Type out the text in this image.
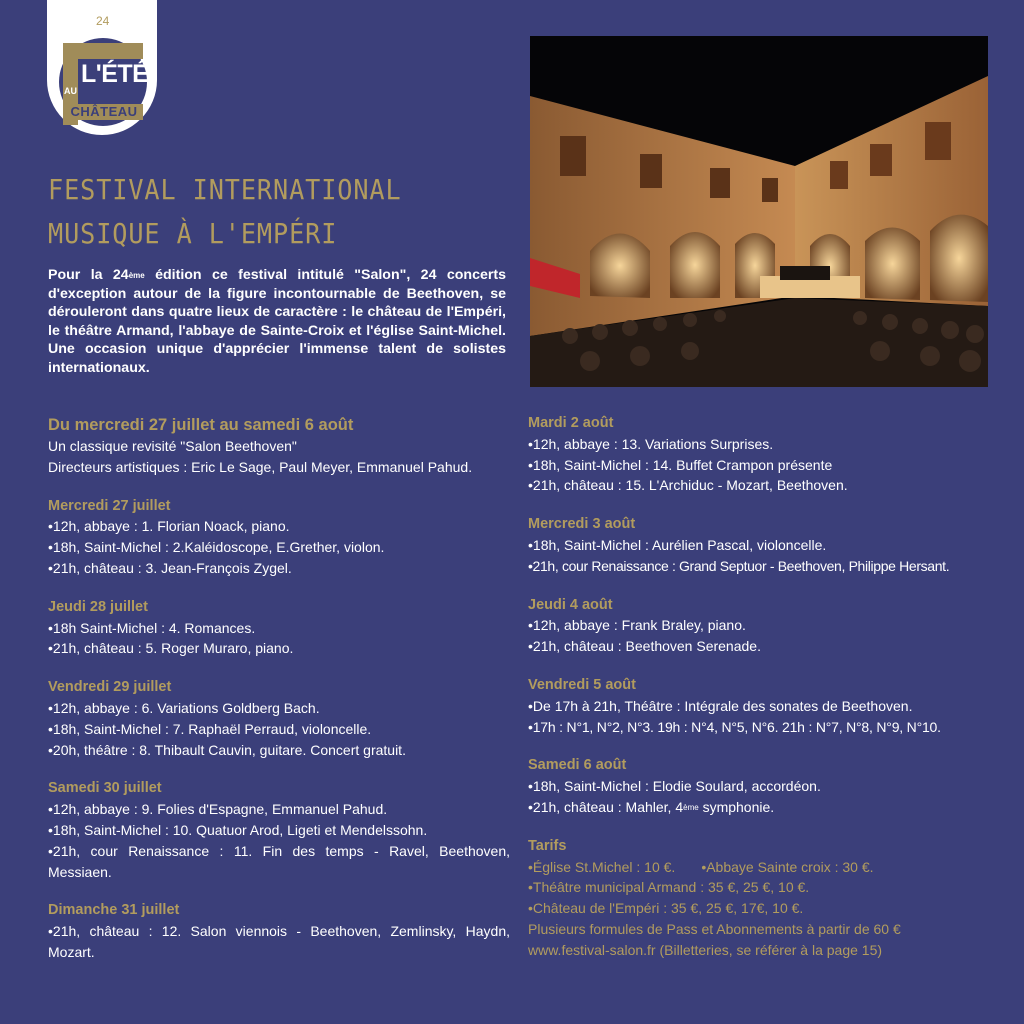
24
L'ÉTÉ
AU
CHÂTEAU
FESTIVAL INTERNATIONAL
MUSIQUE À L'EMPÉRI
Pour la 24ème édition ce festival intitulé "Salon", 24 concerts d'exception autour de la figure incontournable de Beethoven, se dérouleront dans quatre lieux de caractère : le château de l'Empéri, le théâtre Armand, l'abbaye de Sainte-Croix et l'église Saint-Michel. Une occasion unique d'apprécier l'immense talent de solistes internationaux.
Du mercredi 27 juillet au samedi 6 août
Un classique revisité "Salon Beethoven"
Directeurs artistiques : Eric Le Sage, Paul Meyer, Emmanuel Pahud.
Mercredi 27 juillet
•12h, abbaye : 1. Florian Noack, piano.
•18h, Saint-Michel : 2.Kaléidoscope, E.Grether, violon.
•21h, château : 3. Jean-François Zygel.
Jeudi 28 juillet
•18h Saint-Michel : 4. Romances.
•21h, château : 5. Roger Muraro, piano.
Vendredi 29 juillet
•12h, abbaye : 6. Variations Goldberg Bach.
•18h, Saint-Michel : 7. Raphaël Perraud, violoncelle.
•20h, théâtre : 8. Thibault Cauvin, guitare. Concert gratuit.
Samedi 30 juillet
•12h, abbaye : 9. Folies d'Espagne, Emmanuel Pahud.
•18h, Saint-Michel : 10. Quatuor Arod, Ligeti et Mendelssohn.
•21h, cour Renaissance : 11. Fin des temps - Ravel, Beethoven, Messiaen.
Dimanche 31 juillet
•21h, château : 12. Salon viennois - Beethoven, Zemlinsky, Haydn, Mozart.
Mardi 2 août
•12h, abbaye : 13. Variations Surprises.
•18h, Saint-Michel : 14. Buffet Crampon présente
•21h, château : 15. L'Archiduc - Mozart, Beethoven.
Mercredi 3 août
•18h, Saint-Michel : Aurélien Pascal, violoncelle.
•21h, cour Renaissance : Grand Septuor - Beethoven, Philippe Hersant.
Jeudi 4 août
•12h, abbaye : Frank Braley, piano.
•21h, château : Beethoven Serenade.
Vendredi 5 août
•De 17h à 21h, Théâtre : Intégrale des sonates de Beethoven.
•17h : N°1, N°2, N°3. 19h : N°4, N°5, N°6. 21h : N°7, N°8, N°9, N°10.
Samedi 6 août
•18h, Saint-Michel : Elodie Soulard, accordéon.
•21h, château : Mahler, 4ème symphonie.
Tarifs
•Église St.Michel : 10 €. •Abbaye Sainte croix : 30 €.
•Théâtre municipal Armand : 35 €, 25 €, 10 €.
•Château de l'Empéri : 35 €, 25 €, 17€, 10 €.
Plusieurs formules de Pass et Abonnements à partir de 60 €
www.festival-salon.fr (Billetteries, se référer à la page 15)
